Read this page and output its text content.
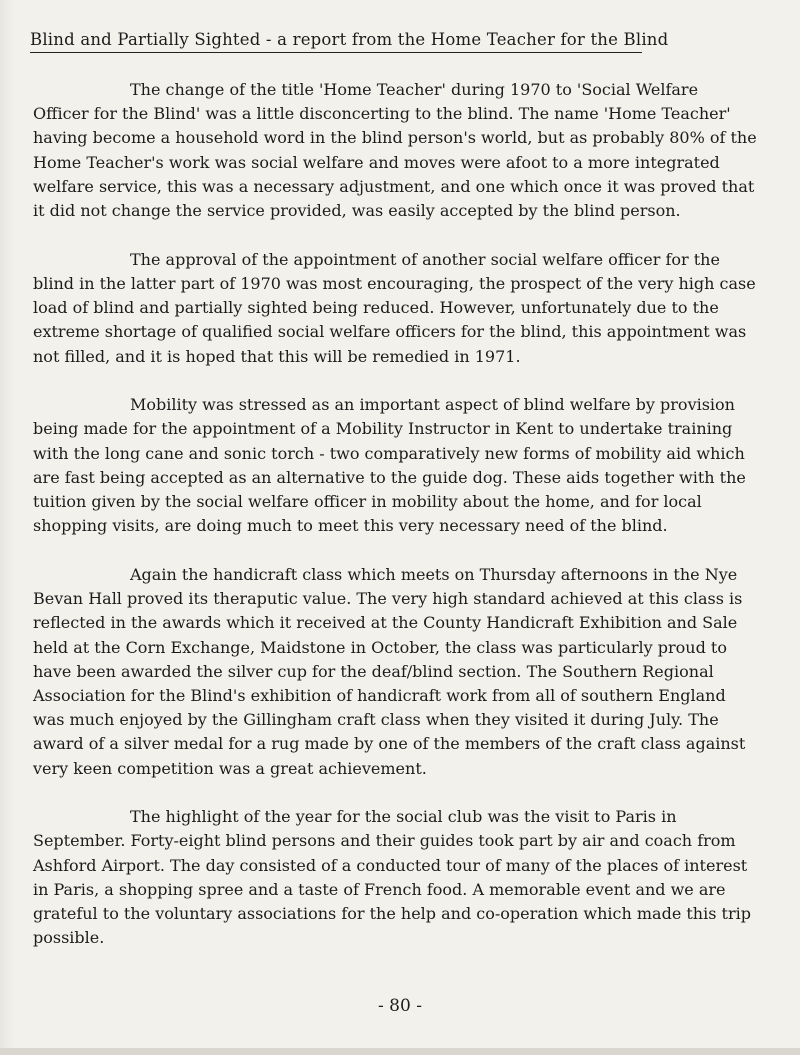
Blind and Partially Sighted - a report from the Home Teacher for the Blind

The change of the title 'Home Teacher' during 1970 to 'Social Welfare Officer for the Blind' was a little disconcerting to the blind. The name 'Home Teacher' having become a household word in the blind person's world, but as probably 80% of the Home Teacher's work was social welfare and moves were afoot to a more integrated welfare service, this was a necessary adjustment, and one which once it was proved that it did not change the service provided, was easily accepted by the blind person.

The approval of the appointment of another social welfare officer for the blind in the latter part of 1970 was most encouraging, the prospect of the very high case load of blind and partially sighted being reduced. However, unfortunately due to the extreme shortage of qualified social welfare officers for the blind, this appointment was not filled, and it is hoped that this will be remedied in 1971.

Mobility was stressed as an important aspect of blind welfare by provision being made for the appointment of a Mobility Instructor in Kent to undertake training with the long cane and sonic torch - two comparatively new forms of mobility aid which are fast being accepted as an alternative to the guide dog. These aids together with the tuition given by the social welfare officer in mobility about the home, and for local shopping visits, are doing much to meet this very necessary need of the blind.

Again the handicraft class which meets on Thursday afternoons in the Nye Bevan Hall proved its theraputic value. The very high standard achieved at this class is reflected in the awards which it received at the County Handicraft Exhibition and Sale held at the Corn Exchange, Maidstone in October, the class was particularly proud to have been awarded the silver cup for the deaf/blind section. The Southern Regional Association for the Blind's exhibition of handicraft work from all of southern England was much enjoyed by the Gillingham craft class when they visited it during July. The award of a silver medal for a rug made by one of the members of the craft class against very keen competition was a great achievement.

The highlight of the year for the social club was the visit to Paris in September. Forty-eight blind persons and their guides took part by air and coach from Ashford Airport. The day consisted of a conducted tour of many of the places of interest in Paris, a shopping spree and a taste of French food. A memorable event and we are grateful to the voluntary associations for the help and co-operation which made this trip possible.

- 80 -
